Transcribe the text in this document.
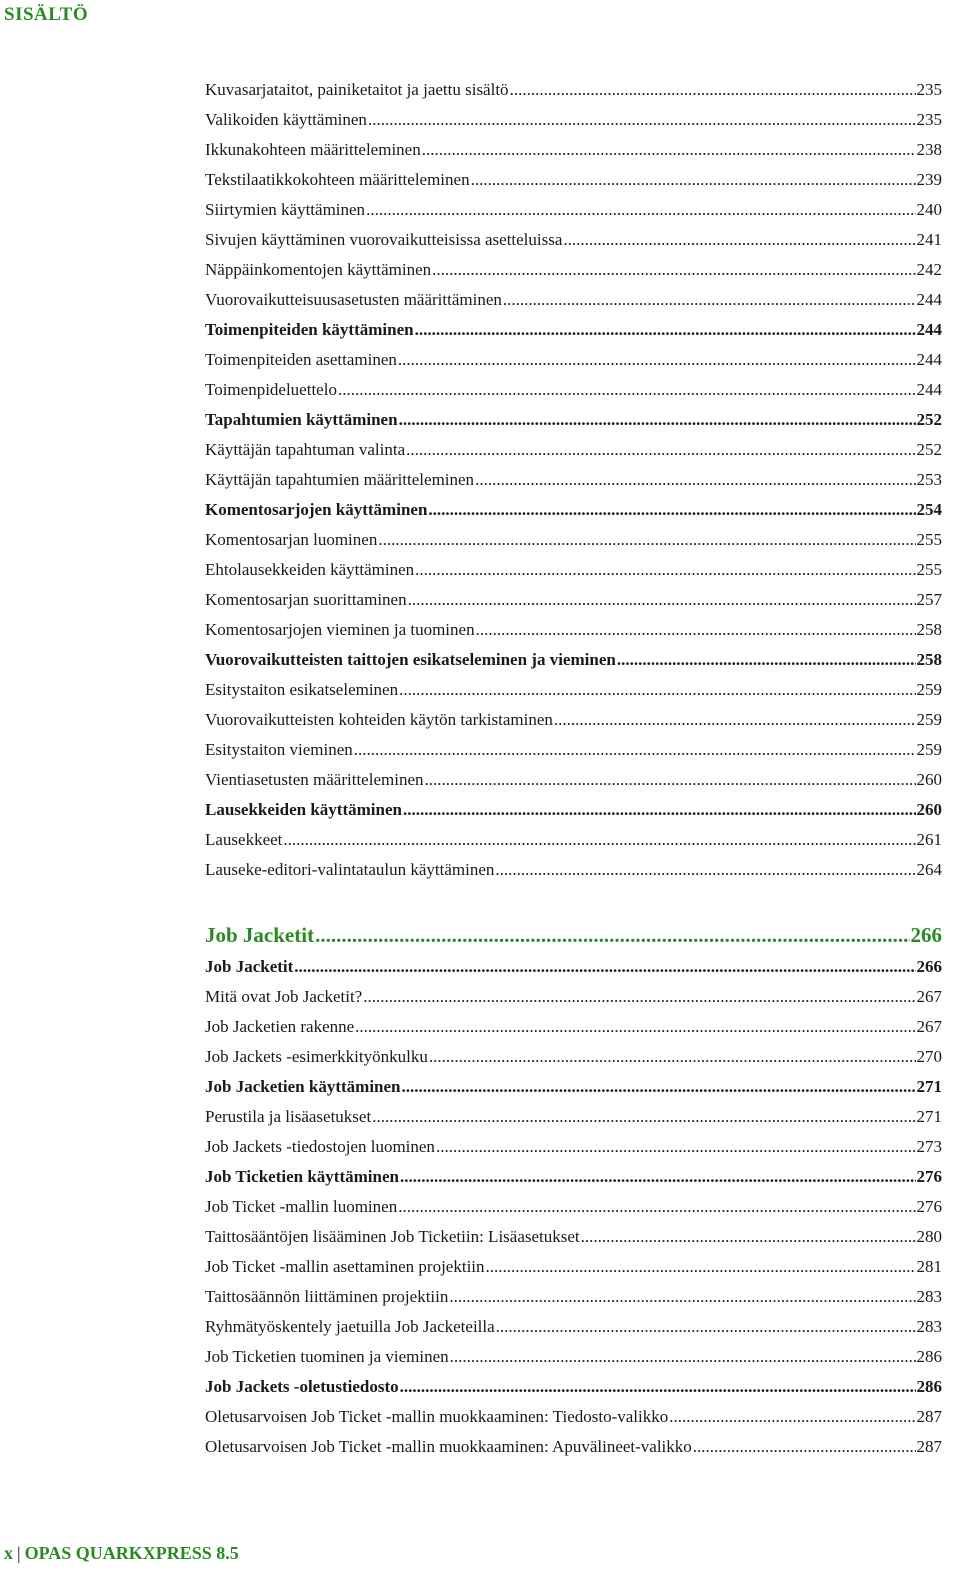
SISÄLTÖ
Kuvasarjataitot, painiketaitot ja jaettu sisältö .....	235
Valikoiden käyttäminen .....	235
Ikkunakohteen määritteleminen .....	238
Tekstilaatikkokohteen määritteleminen .....	239
Siirtymien käyttäminen .....	240
Sivujen käyttäminen vuorovaikutteisissa asetteluissa .....	241
Näppäinkomentojen käyttäminen .....	242
Vuorovaikutteisuusasetusten määrittäminen .....	244
Toimenpiteiden käyttäminen .....	244
Toimenpiteiden asettaminen .....	244
Toimenpideluettelo .....	244
Tapahtumien käyttäminen .....	252
Käyttäjän tapahtuman valinta .....	252
Käyttäjän tapahtumien määritteleminen .....	253
Komentosarjojen käyttäminen .....	254
Komentosarjan luominen .....	255
Ehtolausekkeiden käyttäminen .....	255
Komentosarjan suorittaminen .....	257
Komentosarjojen vieminen ja tuominen .....	258
Vuorovaikutteisten taittojen esikatseleminen ja vieminen .....	258
Esitystaiton esikatseleminen .....	259
Vuorovaikutteisten kohteiden käytön tarkistaminen .....	259
Esitystaiton vieminen .....	259
Vientiasetusten määritteleminen .....	260
Lausekkeiden käyttäminen .....	260
Lausekkeet .....	261
Lauseke-editori-valintataulun käyttäminen .....	264
Job Jacketit .....	266
Job Jacketit .....	266
Mitä ovat Job Jacketit? .....	267
Job Jacketien rakenne .....	267
Job Jackets -esimerkkityönkulku .....	270
Job Jacketien käyttäminen .....	271
Perustila ja lisäasetukset .....	271
Job Jackets -tiedostojen luominen .....	273
Job Ticketien käyttäminen .....	276
Job Ticket -mallin luominen .....	276
Taittosääntöjen lisääminen Job Ticketiin: Lisäasetukset .....	280
Job Ticket -mallin asettaminen projektiin .....	281
Taittosäännön liittäminen projektiin .....	283
Ryhmätyöskentely jaetuilla Job Jacketeilla .....	283
Job Ticketien tuominen ja vieminen .....	286
Job Jackets -oletustiedosto .....	286
Oletusarvoisen Job Ticket -mallin muokkaaminen: Tiedosto-valikko .....	287
Oletusarvoisen Job Ticket -mallin muokkaaminen: Apuvälineet-valikko .....	287
x | OPAS QUARKXPRESS 8.5
